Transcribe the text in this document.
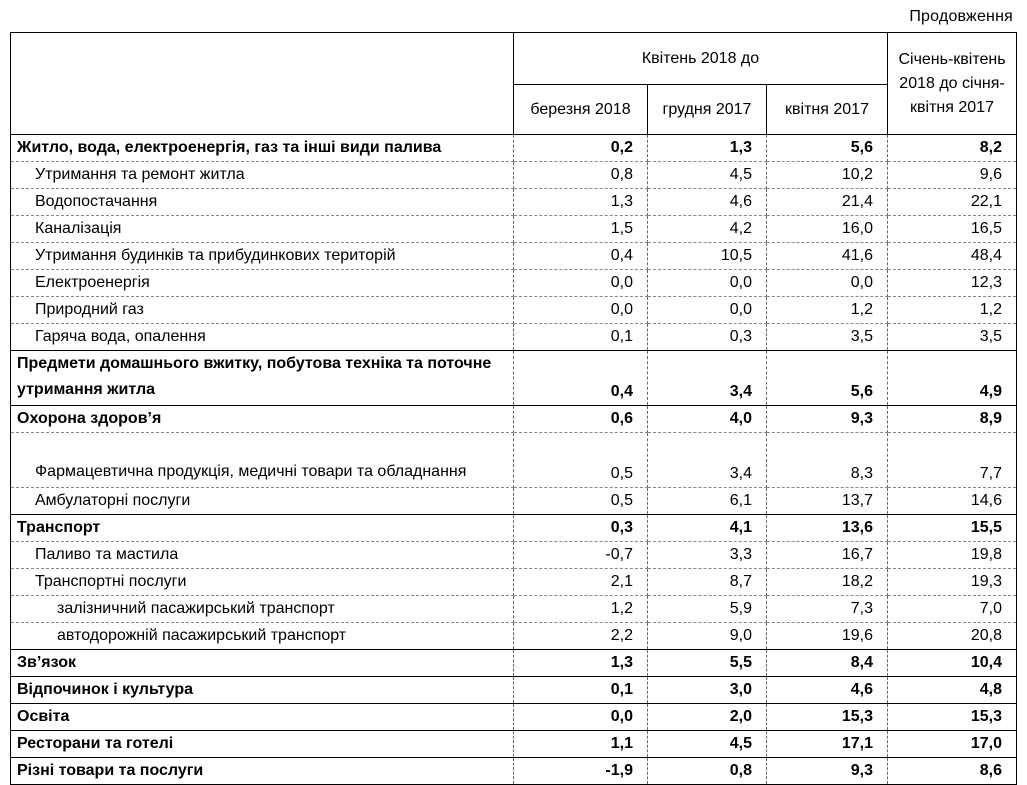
Продовження
	Квітень 2018 до			Січень-квітень 2018 до січня-квітня 2017
	березня 2018	грудня 2017	квітня 2017	
Житло, вода, електроенергія, газ та інші види палива	0,2	1,3	5,6	8,2
Утримання та ремонт житла	0,8	4,5	10,2	9,6
Водопостачання	1,3	4,6	21,4	22,1
Каналізація	1,5	4,2	16,0	16,5
Утримання будинків та прибудинкових територій	0,4	10,5	41,6	48,4
Електроенергія	0,0	0,0	0,0	12,3
Природний газ	0,0	0,0	1,2	1,2
Гаряча вода, опалення	0,1	0,3	3,5	3,5
Предмети домашнього вжитку, побутова техніка та поточне утримання житла	0,4	3,4	5,6	4,9
Охорона здоров’я	0,6	4,0	9,3	8,9
Фармацевтична продукція, медичні товари та обладнання	0,5	3,4	8,3	7,7
Амбулаторні послуги	0,5	6,1	13,7	14,6
Транспорт	0,3	4,1	13,6	15,5
Паливо та мастила	-0,7	3,3	16,7	19,8
Транспортні послуги	2,1	8,7	18,2	19,3
залізничний пасажирський транспорт	1,2	5,9	7,3	7,0
автодорожній пасажирський транспорт	2,2	9,0	19,6	20,8
Зв’язок	1,3	5,5	8,4	10,4
Відпочинок і культура	0,1	3,0	4,6	4,8
Освіта	0,0	2,0	15,3	15,3
Ресторани та готелі	1,1	4,5	17,1	17,0
Різні товари та послуги	-1,9	0,8	9,3	8,6
